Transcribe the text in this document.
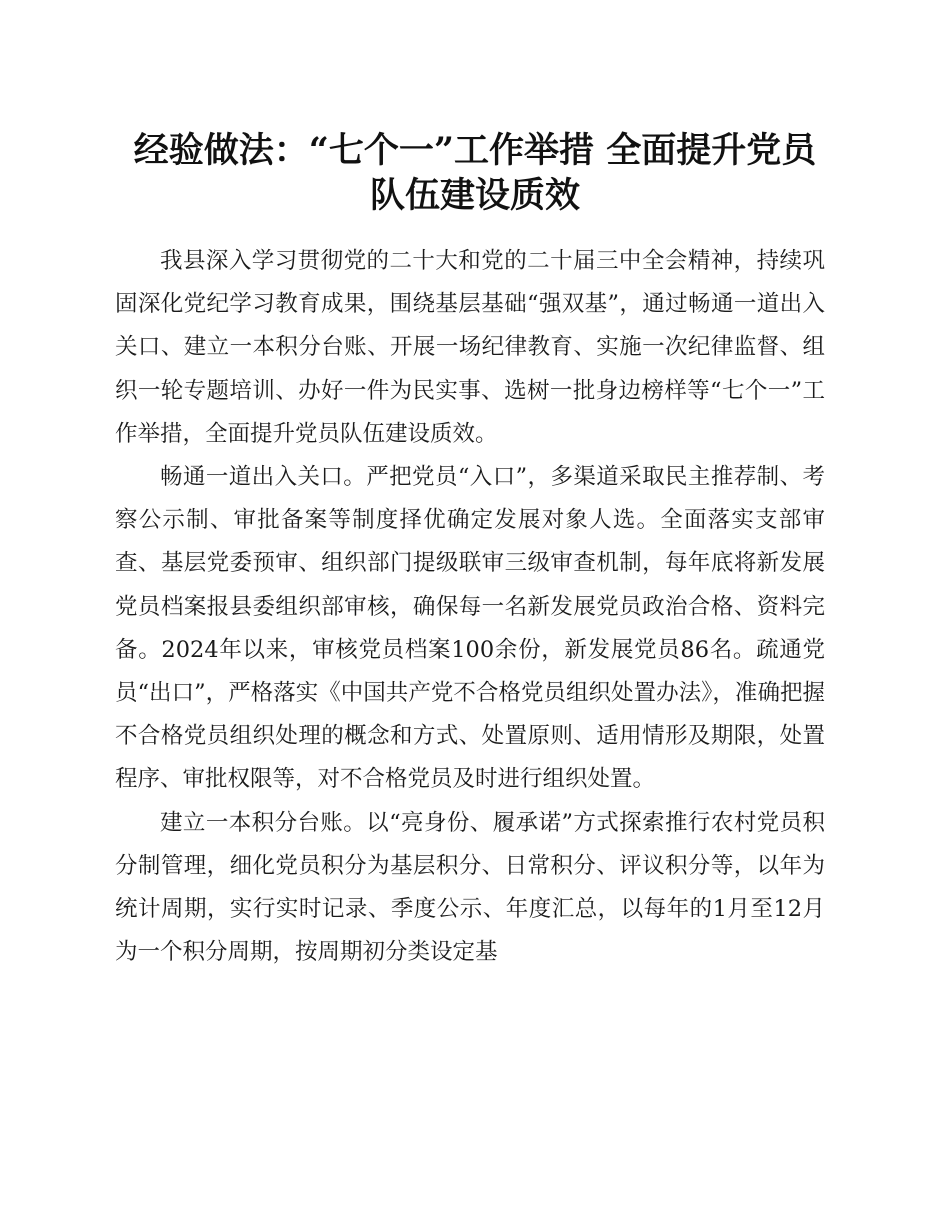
经验做法：“七个一”工作举措 全面提升党员
队伍建设质效

我县深入学习贯彻党的二十大和党的二十届三中全会精神，持续巩固深化党纪学习教育成果，围绕基层基础“强双基”，通过畅通一道出入关口、建立一本积分台账、开展一场纪律教育、实施一次纪律监督、组织一轮专题培训、办好一件为民实事、选树一批身边榜样等“七个一”工作举措，全面提升党员队伍建设质效。

畅通一道出入关口。严把党员“入口”，多渠道采取民主推荐制、考察公示制、审批备案等制度择优确定发展对象人选。全面落实支部审查、基层党委预审、组织部门提级联审三级审查机制，每年底将新发展党员档案报县委组织部审核，确保每一名新发展党员政治合格、资料完备。2024年以来，审核党员档案100余份，新发展党员86名。疏通党员“出口”，严格落实《中国共产党不合格党员组织处置办法》，准确把握不合格党员组织处理的概念和方式、处置原则、适用情形及期限，处置程序、审批权限等，对不合格党员及时进行组织处置。

建立一本积分台账。以“亮身份、履承诺”方式探索推行农村党员积分制管理，细化党员积分为基层积分、日常积分、评议积分等，以年为统计周期，实行实时记录、季度公示、年度汇总，以每年的1月至12月为一个积分周期，按周期初分类设定基
